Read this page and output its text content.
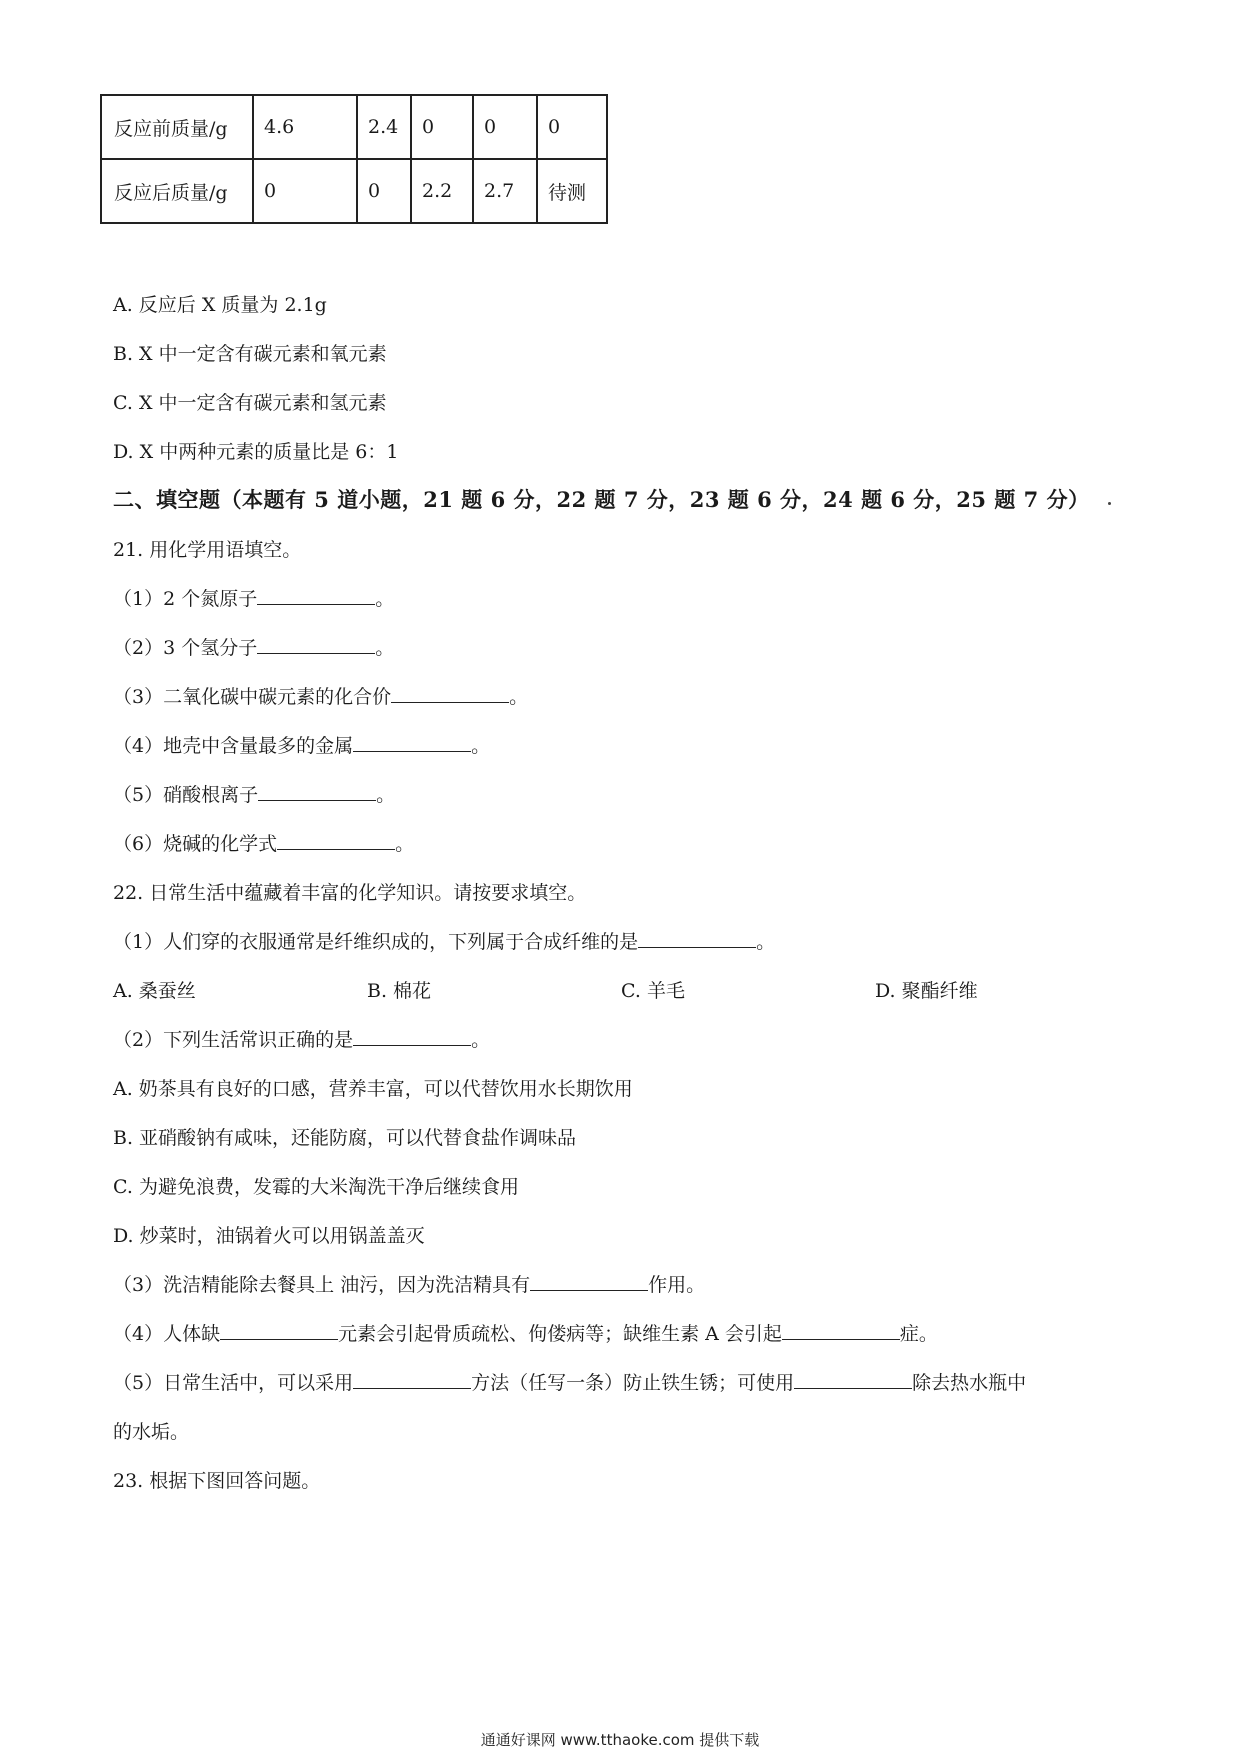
反应前质量/g	4.6	2.4	0	0	0
反应后质量/g	0	0	2.2	2.7	待测
A. 反应后 X 质量为 2.1g
B. X 中一定含有碳元素和氧元素
C. X 中一定含有碳元素和氢元素
D. X 中两种元素的质量比是 6：1
二、填空题（本题有 5 道小题，21 题 6 分，22 题 7 分，23 题 6 分，24 题 6 分，25 题 7 分）
21. 用化学用语填空。
（1）2 个氮原子	。
（2）3 个氢分子	。
（3）二氧化碳中碳元素的化合价	。
（4）地壳中含量最多的金属	。
（5）硝酸根离子	。
（6）烧碱的化学式	。
22. 日常生活中蕴藏着丰富的化学知识。请按要求填空。
（1）人们穿的衣服通常是纤维织成的，下列属于合成纤维的是	。
A. 桑蚕丝	B. 棉花	C. 羊毛	D. 聚酯纤维
（2）下列生活常识正确的是	。
A. 奶茶具有良好的口感，营养丰富，可以代替饮用水长期饮用
B. 亚硝酸钠有咸味，还能防腐，可以代替食盐作调味品
C. 为避免浪费，发霉的大米淘洗干净后继续食用
D. 炒菜时，油锅着火可以用锅盖盖灭
（3）洗洁精能除去餐具上 油污，因为洗洁精具有	作用。
（4）人体缺	元素会引起骨质疏松、佝偻病等；缺维生素 A 会引起	症。
（5）日常生活中，可以采用	方法（任写一条）防止铁生锈；可使用	除去热水瓶中
的水垢。
23. 根据下图回答问题。
通通好课网 www.tthaoke.com 提供下载
